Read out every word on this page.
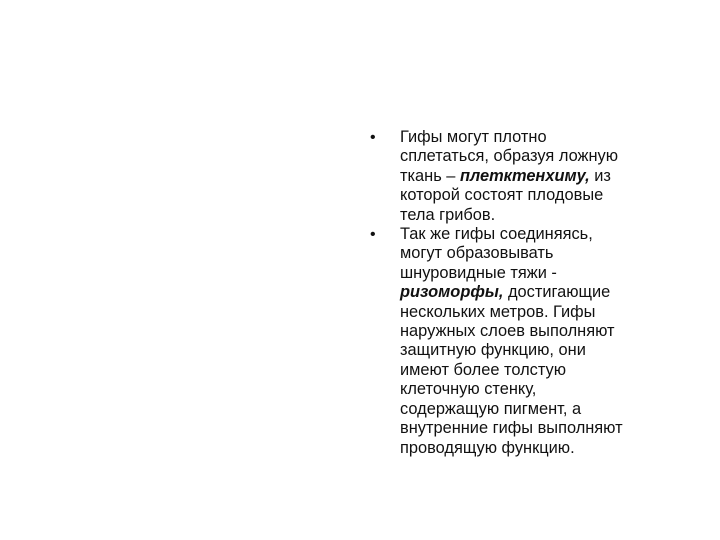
•	Гифы могут плотно
сплетаться, образуя ложную
ткань – плетктенхиму, из
которой состоят плодовые
тела грибов.
•	Так же гифы соединяясь,
могут образовывать
шнуровидные тяжи -
ризоморфы, достигающие
нескольких метров. Гифы
наружных слоев выполняют
защитную функцию, они
имеют более толстую
клеточную стенку,
содержащую пигмент, а
внутренние гифы выполняют
проводящую функцию.
